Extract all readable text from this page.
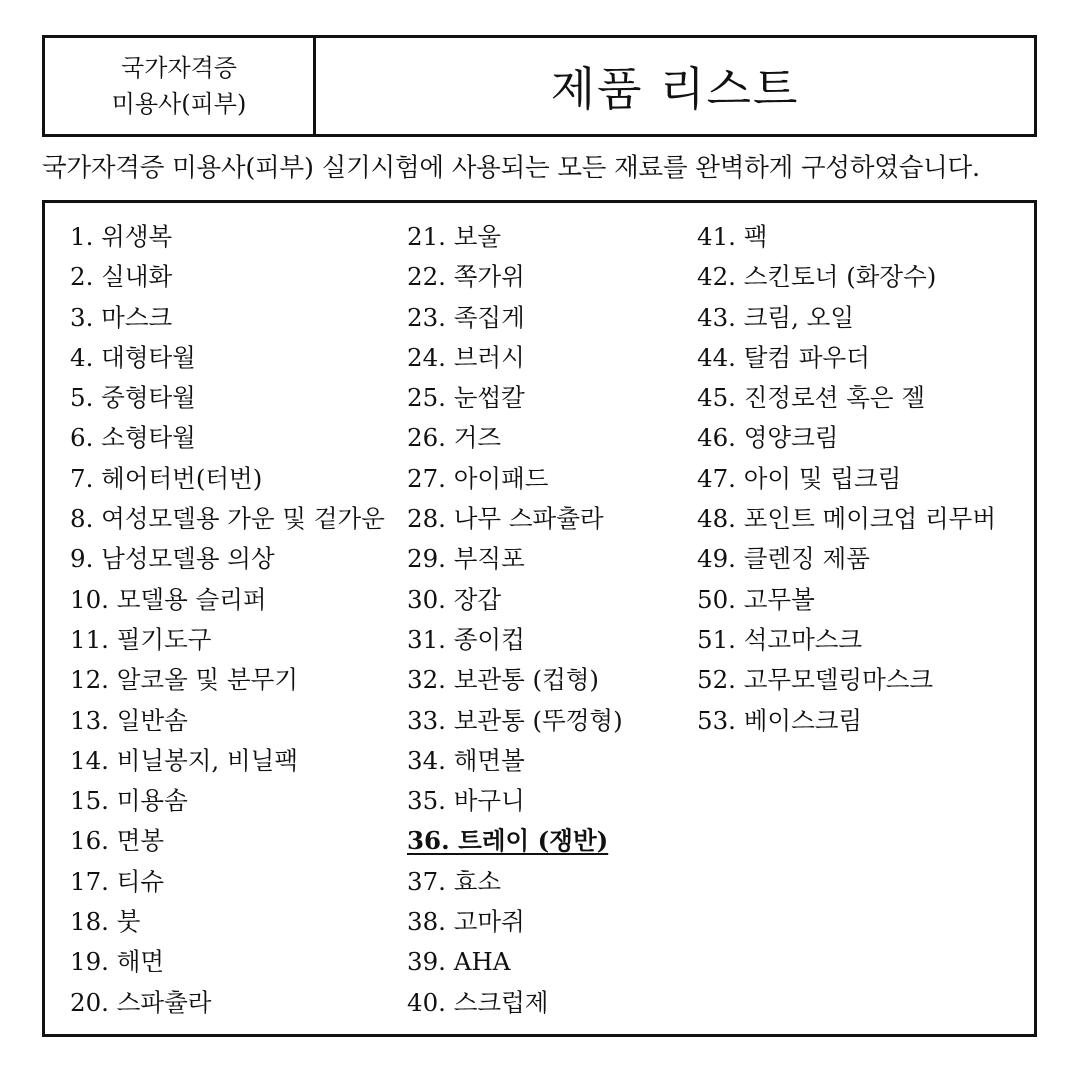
국가자격증
미용사(피부)	제품 리스트
국가자격증 미용사(피부) 실기시험에 사용되는 모든 재료를 완벽하게 구성하였습니다.
1. 위생복
2. 실내화
3. 마스크
4. 대형타월
5. 중형타월
6. 소형타월
7. 헤어터번(터번)
8. 여성모델용 가운 및 겉가운
9. 남성모델용 의상
10. 모델용 슬리퍼
11. 필기도구
12. 알코올 및 분무기
13. 일반솜
14. 비닐봉지, 비닐팩
15. 미용솜
16. 면봉
17. 티슈
18. 붓
19. 해면
20. 스파츌라
21. 보울
22. 쪽가위
23. 족집게
24. 브러시
25. 눈썹칼
26. 거즈
27. 아이패드
28. 나무 스파츌라
29. 부직포
30. 장갑
31. 종이컵
32. 보관통 (컵형)
33. 보관통 (뚜껑형)
34. 해면볼
35. 바구니
36. 트레이 (쟁반)
37. 효소
38. 고마쥐
39. AHA
40. 스크럽제
41. 팩
42. 스킨토너 (화장수)
43. 크림, 오일
44. 탈컴 파우더
45. 진정로션 혹은 젤
46. 영양크림
47. 아이 및 립크림
48. 포인트 메이크업 리무버
49. 클렌징 제품
50. 고무볼
51. 석고마스크
52. 고무모델링마스크
53. 베이스크림
